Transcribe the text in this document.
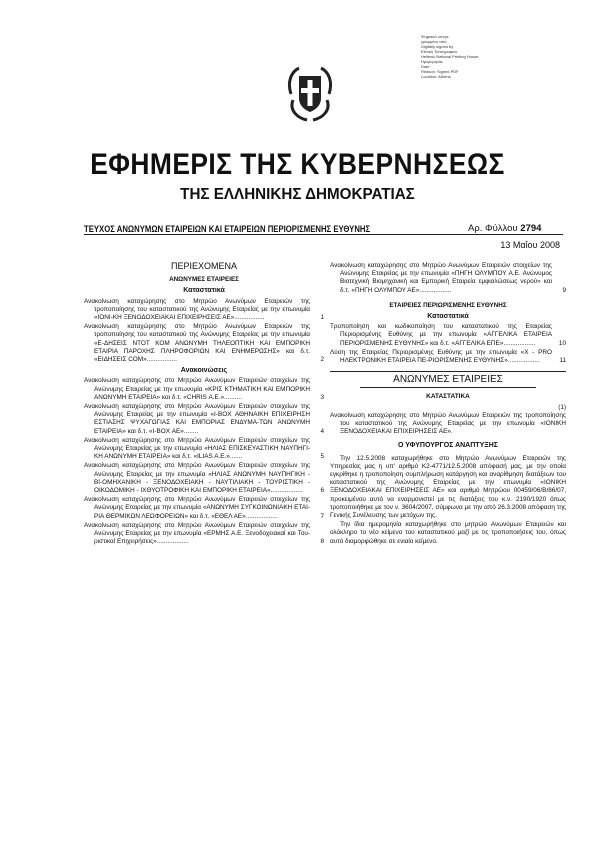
Ψηφιακά υπογε
γραμμένο από
Digitally signed by
Εθνικό Τυπογραφείο
Hellenic National Printing House
Ημερομηνία:
Date:
Reason: Signed PDF
Location: Athens
ΕΦΗΜΕΡΙΣ ΤΗΣ ΚΥΒΕΡΝΗΣΕΩΣ
ΤΗΣ ΕΛΛΗΝΙΚΗΣ ΔΗΜΟΚΡΑΤΙΑΣ
ΤΕΥΧΟΣ ΑΝΩΝΥΜΩΝ ΕΤΑΙΡΕΙΩΝ ΚΑΙ ΕΤΑΙΡΕΙΩΝ ΠΕΡΙΟΡΙΣΜΕΝΗΣ ΕΥΘΥΝΗΣ	Αρ. Φύλλου 2794
13 Μαΐου 2008
ΠΕΡΙΕΧΟΜΕΝΑ
ΑΝΩΝΥΜΕΣ ΕΤΑΙΡΕΙΕΣ
Καταστατικά
Ανακοίνωση καταχώρησης στο Μητρώο Ανωνύμων Εταιρειών της τροποποίησης του καταστατικού της Ανώνυμης Εταιρείας με την επωνυμία «ΙΟΝΙ-ΚΗ ΞΕΝΟΔΟΧΕΙΑΚΑΙ ΕΠΙΧΕΙΡΗΣΕΙΣ ΑΕ».................	1
Ανακοίνωση καταχώρησης στο Μητρώο Ανωνύμων Εταιρειών της τροποποίησης του καταστατικού της Ανώνυμης Εταιρείας με την επωνυμία «Ε-ΔΗΣΕΙΣ ΝΤΟΤ ΚΟΜ ΑΝΩΝΥΜΗ ΤΗΛΕΟΠΤΙΚΗ ΚΑΙ ΕΜΠΟΡΙΚΗ ΕΤΑΙΡΙΑ ΠΑΡΟΧΗΣ ΠΛΗΡΟΦΟΡΙΩΝ ΚΑΙ ΕΝΗΜΕΡΩΣΗΣ» και δ.τ. «ΕΙΔΗΣΕΙΣ COM».................	2
Ανακοινώσεις
Ανακοίνωση καταχώρησης στο Μητρώο Ανωνύμων Εταιρειών στοιχείων της Ανώνυμης Εταιρείας με την επωνυμία «ΚΡΙΣ ΚΤΗΜΑΤΙΚΗ ΚΑΙ ΕΜΠΟΡΙΚΗ ΑΝΩΝΥΜΗ ΕΤΑΙΡΕΙΑ» και δ.τ. «CHRIS Α.Ε.»..........	3
Ανακοίνωση καταχώρησης στο Μητρώο Ανωνύμων Εταιρειών στοιχείων της Ανώνυμης Εταιρείας με την επωνυμία «I-BOX ΑΘΗΝΑΙΚΗ ΕΠΙΧΕΙΡΗΣΗ ΕΣΤΙΑΣΗΣ ΨΥΧΑΓΩΓΙΑΣ ΚΑΙ ΕΜΠΟΡΙΑΣ ΕΝΔΥΜΑ-ΤΩΝ ΑΝΩΝΥΜΗ ΕΤΑΙΡΕΙΑ» και δ.τ. «I-BOX ΑΕ»........	4
Ανακοίνωση καταχώρησης στο Μητρώο Ανωνύμων Εταιρειών στοιχείων της Ανώνυμης Εταιρείας με την επωνυμία «ΗΛΙΑΣ ΕΠΙΣΚΕΥΑΣΤΙΚΗ ΝΑΥΠΗΓΙ-ΚΗ ΑΝΩΝΥΜΗ ΕΤΑΙΡΕΙΑ» και δ.τ. «ILIAS A.E.».......	5
Ανακοίνωση καταχώρησης στο Μητρώο Ανωνύμων Εταιρειών στοιχείων της Ανώνυμης Εταιρείας με την επωνυμία «ΗΛΙΑΣ ΑΝΩΝΥΜΗ ΝΑΥΠΗΓΙΚΗ - ΒΙ-ΟΜΗΧΑΝΙΚΗ - ΞΕΝΟΔΟΧΕΙΑΚΗ - ΝΑΥΤΙΛΙΑΚΗ - ΤΟΥΡΙΣΤΙΚΗ - ΟΙΚΟΔΟΜΙΚΗ - ΙΧΘΥΟΤΡΟΦΙΚΗ ΚΑΙ ΕΜΠΟΡΙΚΗ ΕΤΑΙΡΕΙΑ»..................	6
Ανακοίνωση καταχώρησης στο Μητρώο Ανωνύμων Εταιρειών στοιχείων της Ανώνυμης Εταιρείας με την επωνυμία «ΑΝΩΝΥΜΗ ΣΥΓΚΟΙΝΩΝΙΑΚΗ ΕΤΑΙ-ΡΙΑ ΘΕΡΜΙΚΩΝ ΛΕΩΦΟΡΕΙΩΝ» και δ.τ. «ΕΘΕΛ ΑΕ»..................	7
Ανακοίνωση καταχώρησης στο Μητρώο Ανωνύμων Εταιρειών στοιχείων της Ανώνυμης Εταιρείας με την επωνυμία «ΕΡΜΗΣ Α.Ε. Ξενοδοχειακαί και Του-ριστικαί Επιχειρήσεις»..................	8
Ανακοίνωση καταχώρησης στο Μητρώο Ανωνύμων Εταιρειών στοιχείων της Ανώνυμης Εταιρείας με την επωνυμία «ΠΗΓΗ ΟΛΥΜΠΟΥ Α.Ε. Ανώνυμος Βιοτεχνική Βιομηχανική και Εμπορική Εταιρεία εμφιαλώσεως νερού» και δ.τ. «ΠΗΓΗ ΟΛΥΜΠΟΥ ΑΕ»..................	9
ΕΤΑΙΡΕΙΕΣ ΠΕΡΙΩΡΙΣΜΕΝΗΣ ΕΥΘΥΝΗΣ
Καταστατικά
Τροποποίηση και κωδικοποίηση του καταστατικού της Εταιρείας Περιορισμένης Ευθύνης με την επωνυμία «ΑΓΓΕΛΙΚΑ ΕΤΑΙΡΕΙΑ ΠΕΡΙΟΡΙΣΜΕΝΗΣ ΕΥΘΥΝΗΣ» και δ.τ. «ΑΓΓΕΛΙΚΑ ΕΠΕ»..................	10
Λύση της Εταιρείας Περιορισμένης Ευθύνης με την επωνυμία «X - PRO ΗΛΕΚΤΡΟΝΙΚΗ ΕΤΑΙΡΕΙΑ ΠΕ-ΡΙΟΡΙΣΜΕΝΗΣ ΕΥΘΥΝΗΣ»..................	11
ΑΝΩΝΥΜΕΣ ΕΤΑΙΡΕΙΕΣ
ΚΑΤΑΣΤΑΤΙΚΑ
(1)
Ανακοίνωση καταχώρησης στο Μητρώο Ανωνύμων Εταιρειών της τροποποίησης του καταστατικού της Ανώνυμης Εταιρείας με την επωνυμία «ΙΟΝΙΚΗ ΞΕΝΟΔΟΧΕΙΑΚΑΙ ΕΠΙΧΕΙΡΗΣΕΙΣ ΑΕ».
Ο ΥΦΥΠΟΥΡΓΟΣ ΑΝΑΠΤΥΞΗΣ
Την 12.5.2008 καταχωρήθηκε στο Μητρώο Ανωνύμων Εταιρειών της Υπηρεσίας μας η υπ' αριθμό Κ2-4771/12.5.2008 απόφασή μας, με την οποία εγκρίθηκε η τροποποίηση συμπλήρωση κατάργηση και αναρίθμηση διατάξεων του καταστατικού της Ανώνυμης Εταιρείας με την επωνυμία «ΙΟΝΙΚΗ ΞΕΝΟΔΟΧΕΙΑΚΑΙ ΕΠΙΧΕΙΡΗΣΕΙΣ ΑΕ» και αριθμό Μητρώου 00459/06/Β/86/07, προκειμένου αυτό να εναρμονιστεί με τις διατάξεις του κ.ν. 2190/1920 όπως τροποποιήθηκε με τον ν. 3604/2007, σύμφωνα με την από 26.3.2008 απόφαση της Γενικής Συνέλευσης των μετόχων της.
Την ίδια ημερομηνία καταχωρήθηκε στο μητρώο Ανωνύμων Εταιρειών και ολόκληρο το νέο κείμενο του καταστατικού μαζί με τις τροποποιήσεις του, όπως αυτό διαμορφώθηκε σε ενιαίο κείμενο.
